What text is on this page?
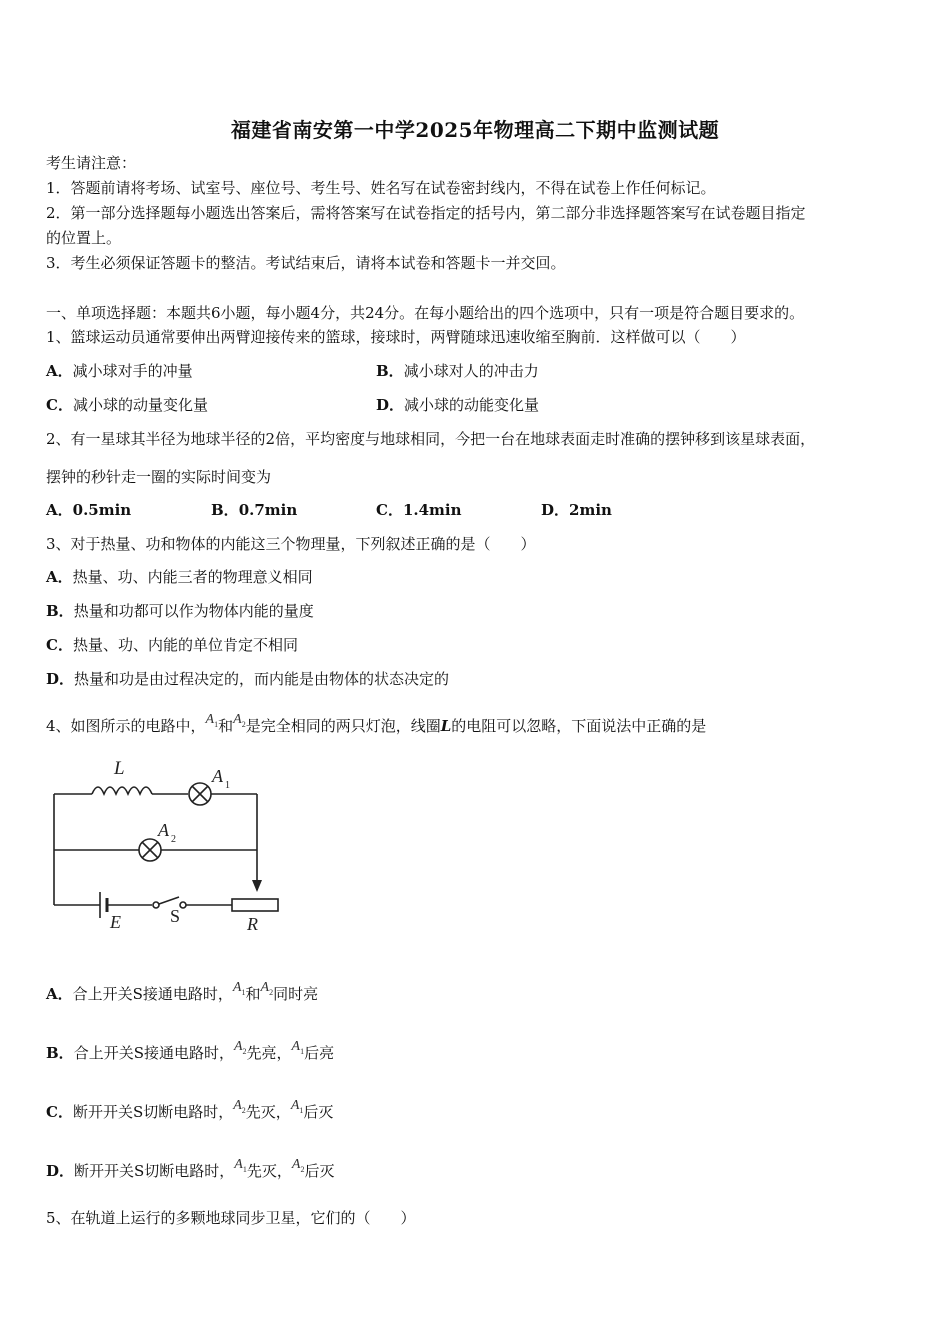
福建省南安第一中学2025年物理高二下期中监测试题
考生请注意：
1．答题前请将考场、试室号、座位号、考生号、姓名写在试卷密封线内，不得在试卷上作任何标记。
2．第一部分选择题每小题选出答案后，需将答案写在试卷指定的括号内，第二部分非选择题答案写在试卷题目指定
的位置上。
3．考生必须保证答题卡的整洁。考试结束后，请将本试卷和答题卡一并交回。
一、单项选择题：本题共6小题，每小题4分，共24分。在每小题给出的四个选项中，只有一项是符合题目要求的。
1、篮球运动员通常要伸出两臂迎接传来的篮球，接球时，两臂随球迅速收缩至胸前．这样做可以（　　）
A．减小球对手的冲量	B．减小球对人的冲击力
C．减小球的动量变化量	D．减小球的动能变化量
2、有一星球其半径为地球半径的2倍，平均密度与地球相同，今把一台在地球表面走时准确的摆钟移到该星球表面，
摆钟的秒针走一圈的实际时间变为
A．0.5min	B．0.7min	C．1.4min	D．2min
3、对于热量、功和物体的内能这三个物理量，下列叙述正确的是（　　）
A．热量、功、内能三者的物理意义相同
B．热量和功都可以作为物体内能的量度
C．热量、功、内能的单位肯定不相同
D．热量和功是由过程决定的，而内能是由物体的状态决定的
4、如图所示的电路中，$A_1$和$A_2$是完全相同的两只灯泡，线圈L的电阻可以忽略，下面说法中正确的是
L	A 1
A 2
E	S	R
A．合上开关S接通电路时，$A_1$和$A_2$同时亮
B．合上开关S接通电路时，$A_2$先亮，$A_1$后亮
C．断开开关S切断电路时，$A_2$先灭，$A_1$后灭
D．断开开关S切断电路时，$A_1$先灭，$A_2$后灭
5、在轨道上运行的多颗地球同步卫星，它们的（　　）
